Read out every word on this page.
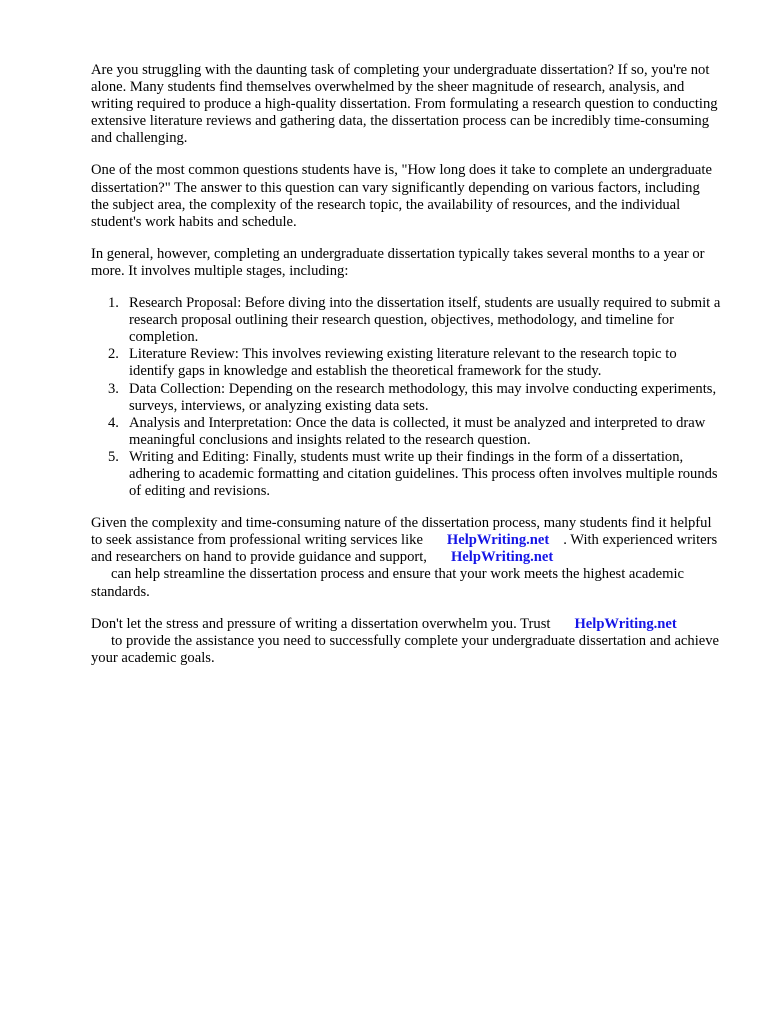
Are you struggling with the daunting task of completing your undergraduate dissertation? If so, you're not alone. Many students find themselves overwhelmed by the sheer magnitude of research, analysis, and writing required to produce a high-quality dissertation. From formulating a research question to conducting extensive literature reviews and gathering data, the dissertation process can be incredibly time-consuming and challenging.

One of the most common questions students have is, "How long does it take to complete an undergraduate dissertation?" The answer to this question can vary significantly depending on various factors, including the subject area, the complexity of the research topic, the availability of resources, and the individual student's work habits and schedule.

In general, however, completing an undergraduate dissertation typically takes several months to a year or more. It involves multiple stages, including:

1. Research Proposal: Before diving into the dissertation itself, students are usually required to submit a research proposal outlining their research question, objectives, methodology, and timeline for completion.
2. Literature Review: This involves reviewing existing literature relevant to the research topic to identify gaps in knowledge and establish the theoretical framework for the study.
3. Data Collection: Depending on the research methodology, this may involve conducting experiments, surveys, interviews, or analyzing existing data sets.
4. Analysis and Interpretation: Once the data is collected, it must be analyzed and interpreted to draw meaningful conclusions and insights related to the research question.
5. Writing and Editing: Finally, students must write up their findings in the form of a dissertation, adhering to academic formatting and citation guidelines. This process often involves multiple rounds of editing and revisions.

Given the complexity and time-consuming nature of the dissertation process, many students find it helpful to seek assistance from professional writing services like HelpWriting.net . With experienced writers and researchers on hand to provide guidance and support, HelpWriting.net
can help streamline the dissertation process and ensure that your work meets the highest academic standards.

Don't let the stress and pressure of writing a dissertation overwhelm you. Trust HelpWriting.net
to provide the assistance you need to successfully complete your undergraduate dissertation and achieve your academic goals.
